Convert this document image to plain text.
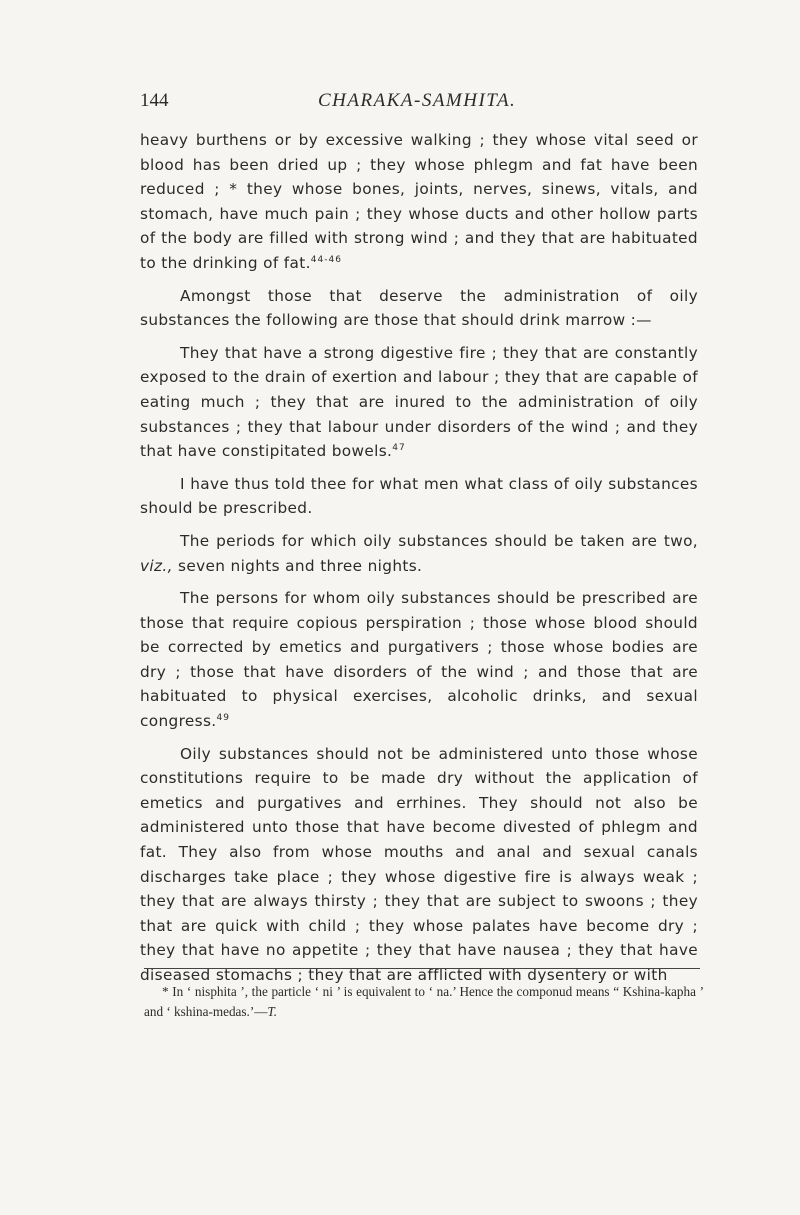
144	CHARAKA-SAMHITA.

heavy burthens or by excessive walking ; they whose vital seed or blood has been dried up ; they whose phlegm and fat have been reduced ; * they whose bones, joints, nerves, sinews, vitals, and stomach, have much pain ; they whose ducts and other hollow parts of the body are filled with strong wind ; and they that are habituated to the drinking of fat.$^{44-46}$

Amongst those that deserve the administration of oily substances the following are those that should drink marrow :—

They that have a strong digestive fire ; they that are constantly exposed to the drain of exertion and labour ; they that are capable of eating much ; they that are inured to the administration of oily substances ; they that labour under disorders of the wind ; and they that have constipitated bowels.$^{47}$

I have thus told thee for what men what class of oily substances should be prescribed.

The periods for which oily substances should be taken are two, viz., seven nights and three nights.

The persons for whom oily substances should be prescribed are those that require copious perspiration ; those whose blood should be corrected by emetics and purgativers ; those whose bodies are dry ; those that have disorders of the wind ; and those that are habituated to physical exercises, alcoholic drinks, and sexual congress.$^{49}$

Oily substances should not be administered unto those whose constitutions require to be made dry without the application of emetics and purgatives and errhines. They should not also be administered unto those that have become divested of phlegm and fat. They also from whose mouths and anal and sexual canals discharges take place ; they whose digestive fire is always weak ; they that are always thirsty ; they that are subject to swoons ; they that are quick with child ; they whose palates have become dry ; they that have no appetite ; they that have nausea ; they that have diseased stomachs ; they that are afflicted with dysentery or with

* In ‘ nisphita ’, the particle ‘ ni ’ is equivalent to ‘ na.’ Hence the componud means “ Kshina-kapha ’ and ‘ kshina-medas.’—T.
